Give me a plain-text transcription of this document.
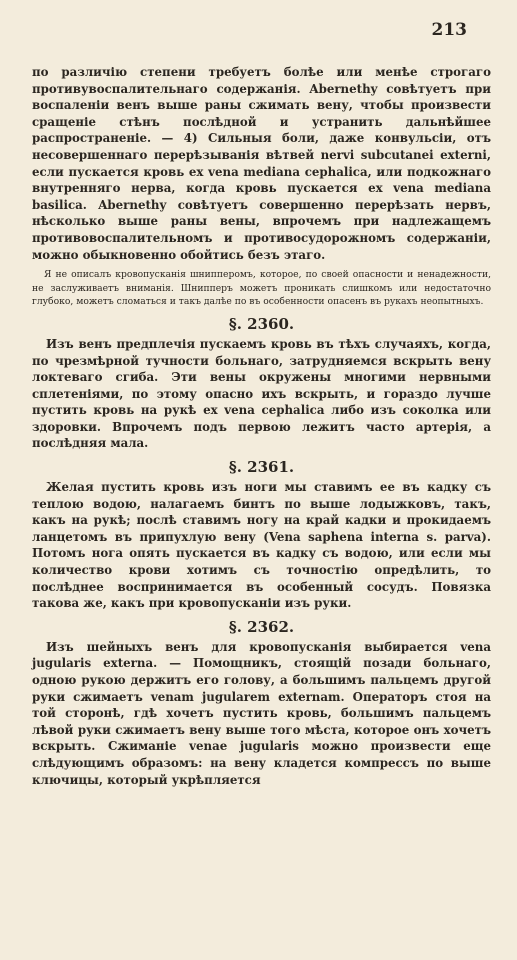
213

по различію степени требуетъ болѣе или менѣе строгаго противувоспалительнаго содержанія. Abernethy совѣтуетъ при воспаленіи венъ выше раны сжимать вену, чтобы произвести сращеніе стѣнъ послѣдной и устранить дальнѣйшее распространеніе. — 4) Сильныя боли, даже конвульсіи, отъ несовершеннаго перерѣзыванія вѣтвей nervi subcutanei externi, если пускается кровь ex vena mediana cephalica, или подкожнаго внутренняго нерва, когда кровь пускается ex vena mediana basilica. Abernethy совѣтуетъ совершенно перерѣзать нервъ, нѣсколько выше раны вены, впрочемъ при надлежащемъ противовоспалительномъ и противосудорожномъ содержаніи, можно обыкновенно обойтись безъ этаго.

Я не описалъ кровопусканія шнипперомъ, которое, по своей опасности и ненадежности, не заслуживаетъ вниманія. Шнипперъ можетъ проникать слишкомъ или недостаточно глубоко, можетъ сломаться и такъ далѣе по въ особенности опасенъ въ рукахъ неопытныхъ.

§. 2360.

Изъ венъ предплечія пускаемъ кровь въ тѣхъ случаяхъ, когда, по чрезмѣрной тучности больнаго, затрудняемся вскрыть вену локтеваго сгиба. Эти вены окружены многими нервными сплетеніями, по этому опасно ихъ вскрыть, и гораздо лучше пустить кровь на рукѣ ex vena cephalica либо изъ соколка или здоровки. Впрочемъ подъ первою лежитъ часто артерія, а послѣдняя мала.

§. 2361.

Желая пустить кровь изъ ноги мы ставимъ ее въ кадку съ теплою водою, налагаемъ бинтъ по выше лодыжковъ, такъ, какъ на рукѣ; послѣ ставимъ ногу на край кадки и прокидаемъ ланцетомъ въ припухлую вену (Vena saphena interna s. parva). Потомъ нога опять пускается въ кадку съ водою, или если мы количество крови хотимъ съ точностію опредѣлить, то послѣднее воспринимается въ особенный сосудъ. Повязка такова же, какъ при кровопусканіи изъ руки.

§. 2362.

Изъ шейныхъ венъ для кровопусканія выбирается vena jugularis externa. — Помощникъ, стоящій позади больнаго, одною рукою держитъ его голову, а большимъ пальцемъ другой руки сжимаетъ venam jugularem externam. Операторъ стоя на той сторонѣ, гдѣ хочетъ пустить кровь, большимъ пальцемъ лѣвой руки сжимаетъ вену выше того мѣста, которое онъ хочетъ вскрыть. Сжиманіе venae jugularis можно произвести еще слѣдующимъ образомъ: на вену кладется компрессъ по выше ключицы, который укрѣпляется
